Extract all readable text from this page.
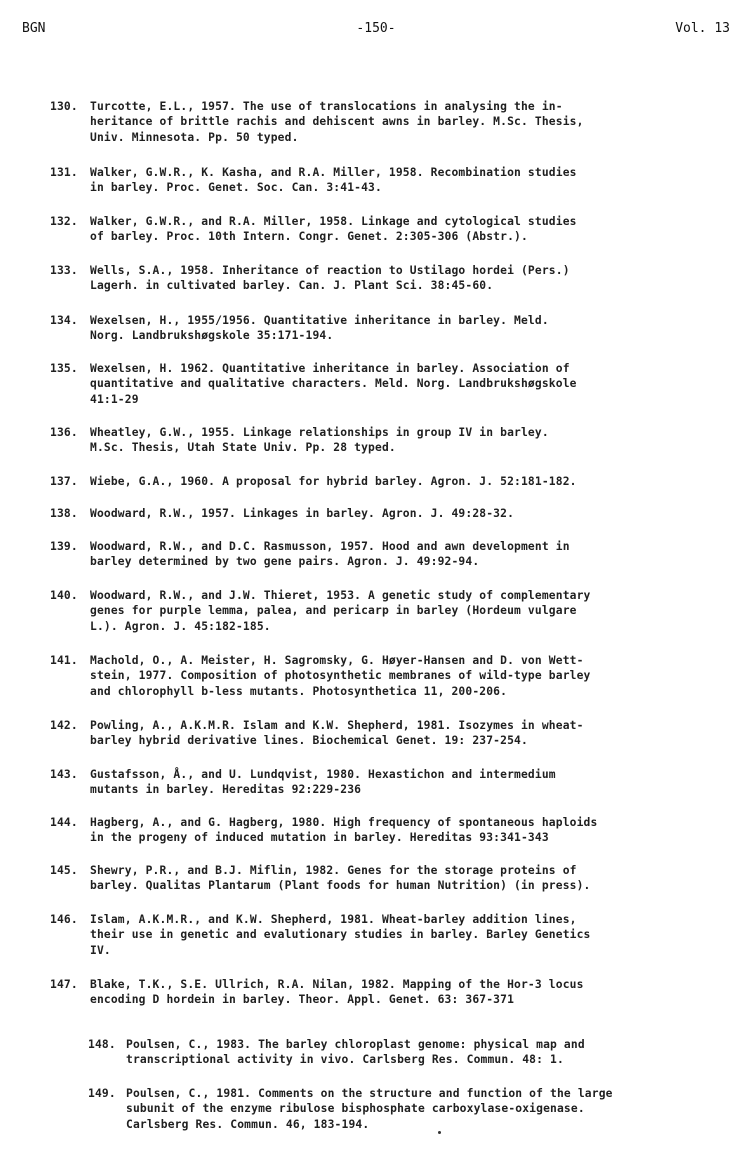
BGN	-150-	Vol. 13
130.	Turcotte, E.L., 1957. The use of translocations in analysing the in-
heritance of brittle rachis and dehiscent awns in barley. M.Sc. Thesis,
Univ. Minnesota. Pp. 50 typed.
131.	Walker, G.W.R., K. Kasha, and R.A. Miller, 1958. Recombination studies
in barley. Proc. Genet. Soc. Can. 3:41-43.
132.	Walker, G.W.R., and R.A. Miller, 1958. Linkage and cytological studies
of barley. Proc. 10th Intern. Congr. Genet. 2:305-306 (Abstr.).
133.	Wells, S.A., 1958. Inheritance of reaction to Ustilago hordei (Pers.)
Lagerh. in cultivated barley. Can. J. Plant Sci. 38:45-60.
134.	Wexelsen, H., 1955/1956. Quantitative inheritance in barley. Meld.
Norg. Landbrukshøgskole 35:171-194.
135.	Wexelsen, H. 1962. Quantitative inheritance in barley. Association of
quantitative and qualitative characters. Meld. Norg. Landbrukshøgskole
41:1-29
136.	Wheatley, G.W., 1955. Linkage relationships in group IV in barley.
M.Sc. Thesis, Utah State Univ. Pp. 28 typed.
137.	Wiebe, G.A., 1960. A proposal for hybrid barley. Agron. J. 52:181-182.
138.	Woodward, R.W., 1957. Linkages in barley. Agron. J. 49:28-32.
139.	Woodward, R.W., and D.C. Rasmusson, 1957. Hood and awn development in
barley determined by two gene pairs. Agron. J. 49:92-94.
140.	Woodward, R.W., and J.W. Thieret, 1953. A genetic study of complementary
genes for purple lemma, palea, and pericarp in barley (Hordeum vulgare
L.). Agron. J. 45:182-185.
141.	Machold, O., A. Meister, H. Sagromsky, G. Høyer-Hansen and D. von Wett-
stein, 1977. Composition of photosynthetic membranes of wild-type barley
and chlorophyll b-less mutants. Photosynthetica 11, 200-206.
142.	Powling, A., A.K.M.R. Islam and K.W. Shepherd, 1981. Isozymes in wheat-
barley hybrid derivative lines. Biochemical Genet. 19: 237-254.
143.	Gustafsson, Å., and U. Lundqvist, 1980. Hexastichon and intermedium
mutants in barley. Hereditas 92:229-236
144.	Hagberg, A., and G. Hagberg, 1980. High frequency of spontaneous haploids
in the progeny of induced mutation in barley. Hereditas 93:341-343
145.	Shewry, P.R., and B.J. Miflin, 1982. Genes for the storage proteins of
barley. Qualitas Plantarum (Plant foods for human Nutrition) (in press).
146.	Islam, A.K.M.R., and K.W. Shepherd, 1981. Wheat-barley addition lines,
their use in genetic and evalutionary studies in barley. Barley Genetics
IV.
147.	Blake, T.K., S.E. Ullrich, R.A. Nilan, 1982. Mapping of the Hor-3 locus
encoding D hordein in barley. Theor. Appl. Genet. 63: 367-371
148. Poulsen, C., 1983. The barley chloroplast genome: physical map and
transcriptional activity in vivo. Carlsberg Res. Commun. 48: 1.
149. Poulsen, C., 1981. Comments on the structure and function of the large
subunit of the enzyme ribulose bisphosphate carboxylase-oxigenase.
Carlsberg Res. Commun. 46, 183-194.
